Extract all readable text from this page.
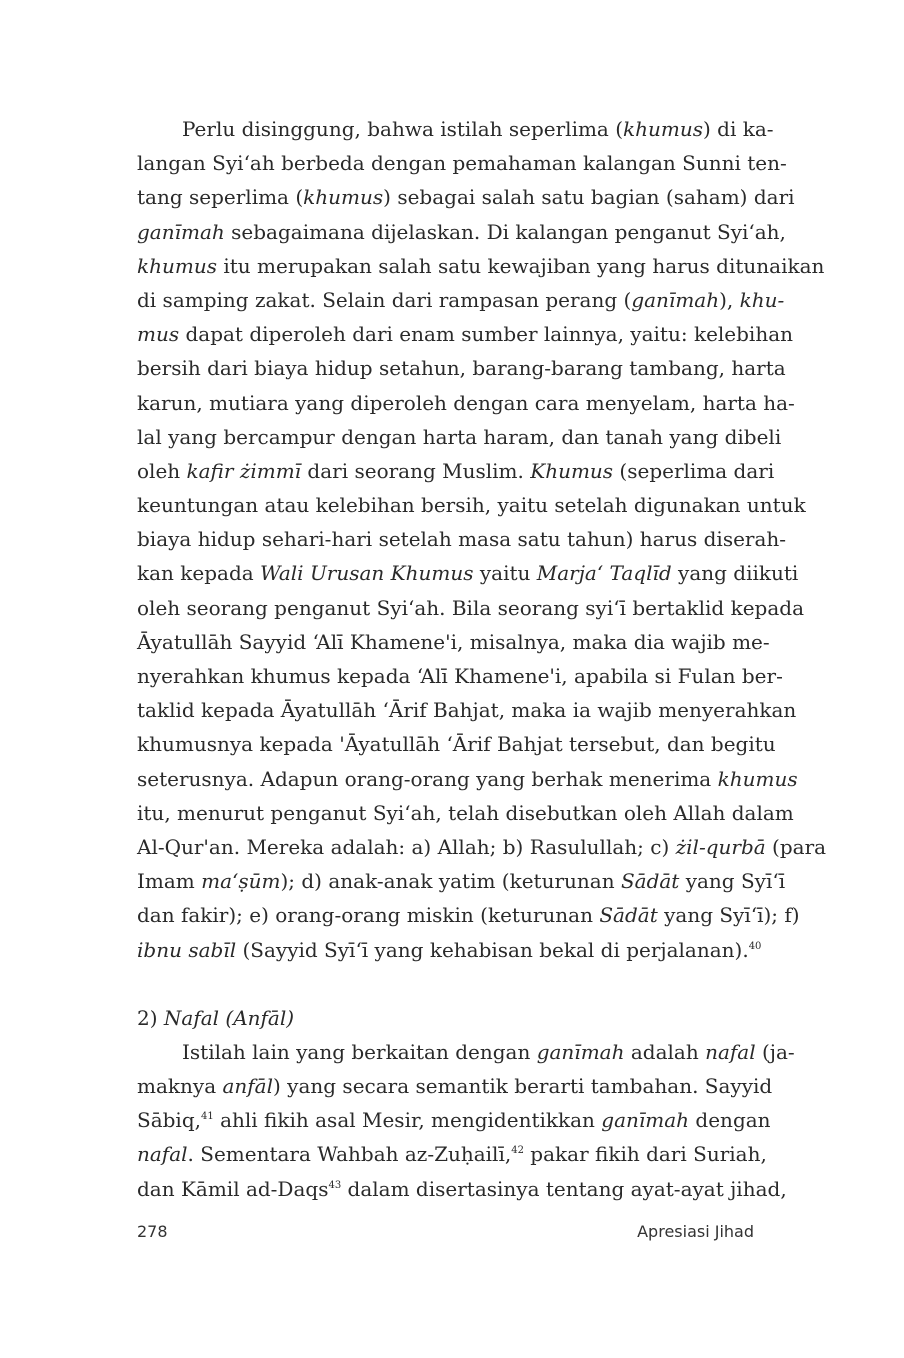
Perlu disinggung, bahwa istilah seperlima (khumus) di ka-
langan Syi‘ah berbeda dengan pemahaman kalangan Sunni ten-
tang seperlima (khumus) sebagai salah satu bagian (saham) dari
ganīmah sebagaimana dijelaskan. Di kalangan penganut Syi‘ah,
khumus itu merupakan salah satu kewajiban yang harus ditunaikan
di samping zakat. Selain dari rampasan perang (ganīmah), khu-
mus dapat diperoleh dari enam sumber lainnya, yaitu: kelebihan
bersih dari biaya hidup setahun, barang-barang tambang, harta
karun, mutiara yang diperoleh dengan cara menyelam, harta ha-
lal yang bercampur dengan harta haram, dan tanah yang dibeli
oleh kafir żimmī dari seorang Muslim. Khumus (seperlima dari
keuntungan atau kelebihan bersih, yaitu setelah digunakan untuk
biaya hidup sehari-hari setelah masa satu tahun) harus diserah-
kan kepada Wali Urusan Khumus yaitu Marja‘ Taqlīd yang diikuti
oleh seorang penganut Syi‘ah. Bila seorang syi‘ī bertaklid kepada
Āyatullāh Sayyid ‘Alī Khamene'i, misalnya, maka dia wajib me-
nyerahkan khumus kepada ‘Alī Khamene'i, apabila si Fulan ber-
taklid kepada Āyatullāh ‘Ārif Bahjat, maka ia wajib menyerahkan
khumusnya kepada 'Āyatullāh ‘Ārif Bahjat tersebut, dan begitu
seterusnya. Adapun orang-orang yang berhak menerima khumus
itu, menurut penganut Syi‘ah, telah disebutkan oleh Allah dalam
Al-Qur'an. Mereka adalah: a) Allah; b) Rasulullah; c) żil-qurbā (para
Imam ma‘ṣūm); d) anak-anak yatim (keturunan Sādāt yang Syī‘ī
dan fakir); e) orang-orang miskin (keturunan Sādāt yang Syī‘ī); f)
ibnu sabīl (Sayyid Syī‘ī yang kehabisan bekal di perjalanan).$^{40}$
2) Nafal (Anfāl)
Istilah lain yang berkaitan dengan ganīmah adalah nafal (ja-
maknya anfāl) yang secara semantik berarti tambahan. Sayyid
Sābiq,$^{41}$ ahli fikih asal Mesir, mengidentikkan ganīmah dengan
nafal. Sementara Wahbah az-Zuḥailī,$^{42}$ pakar fikih dari Suriah,
dan Kāmil ad-Daqs$^{43}$ dalam disertasinya tentang ayat-ayat jihad,
278	Apresiasi Jihad
